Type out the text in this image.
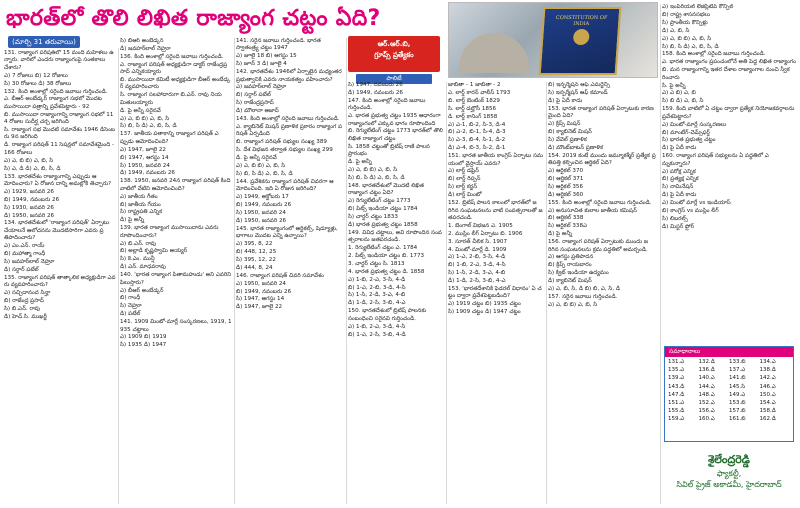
భారత్‌లో తొలి లిఖిత రాజ్యాంగ చట్టం ఏది?
(మార్చి 31 తరువాయి)
CONSTITUTION OF INDIA
ఆర్.ఆర్.బి,
గ్రూప్స్ ప్రత్యేకం
పాలిటీ

131. రాజ్యాంగ పరిషత్‌లో 15 మంది మహిళలు ఉన్నారు. వారిలో ఎందరు రాజ్యాంగంపై సంతకాలు చేశారు?

ఎ) 7 రోజులు బి) 12 రోజులు

సి) 30 రోజులు డి) 38 రోజులు

132. కింది అంశాల్లో సరైంది జవాబు గుర్తించండి.

ఎ. బీఆర్ అంబేడ్కర్ రాజ్యాంగ సభలో మొదట ముసాయిదా పత్రాన్ని ప్రవేశపెట్టారు - 92

బి. ముసాయిదా రాజ్యాంగాన్ని రాజ్యాంగ సభలో 114 రోజుల సుదీర్ఘ చర్చ జరిగింది

సి. రాజ్యాంగ సభ మొదటి సమావేశం 1946 డిసెంబరు 9న జరిగింది

డి. రాజ్యాంగ పరిషత్ 11 సెషన్లలో సమావేశమైంది - 166 రోజులు

ఎ) ఎ, బి బి) ఎ, బి, సి

సి) ఎ, డి డి) ఎ, బి, సి, డి

133. భారతదేశం రాజ్యాంగాన్ని ఎప్పుడు ఆమోదించారు? ఏ రోజున దాన్ని అమల్లోకి తెచ్చారు?

ఎ) 1929, జనవరి 26

బి) 1949, నవంబరు 26

సి) 1930, జనవరి 26

డి) 1950, జనవరి 26

134. భారతదేశంలో 'రాజ్యాంగ పరిషత్' ఏర్పాటు చేయాలనే ఆలోచనను మొదటిసారిగా ఎవరు ప్రతిపాదించారు?

ఎ) ఎం.ఎన్. రాయ్

బి) మహాత్మా గాంధీ

సి) జవహర్‌లాల్ నెహ్రూ

డి) సర్దార్ పటేల్

135. రాజ్యాంగ పరిషత్ తాత్కాలిక అధ్యక్షుడిగా ఎవరు వ్యవహరించారు?

ఎ) సచ్చిదానంద సిన్హా

బి) రాజేంద్ర ప్రసాద్

సి) బి.ఎన్. రావు

డి) హెచ్.సి. ముఖర్జీ

సి) బీఆర్ అంబేడ్కర్

డి) జవహర్‌లాల్ నెహ్రూ

136. కింది అంశాల్లో సరైంది జవాబు గుర్తించండి.

ఎ. రాజ్యాంగ పరిషత్ అధ్యక్షుడిగా డాక్టర్ రాజేంద్రప్రసాద్ ఎన్నికయ్యారు

బి. ముసాయిదా కమిటీ అధ్యక్షుడిగా బీఆర్ అంబేడ్కర్ వ్యవహరించారు

సి. రాజ్యాంగ సలహాదారుగా బి.ఎన్. రావు నియమితులయ్యారు

డి. పై అన్నీ సరైనవే

ఎ) ఎ, బి బి) ఎ, బి, సి

సి) బి, సి డి) ఎ, బి, సి, డి

137. జాతీయ పతాకాన్ని రాజ్యాంగ పరిషత్ ఎప్పుడు ఆమోదించింది?

ఎ) 1947, జూలై 22

బి) 1947, ఆగస్టు 14

సి) 1950, జనవరి 24

డి) 1949, నవంబరు 26

138. 1950, జనవరి 24న రాజ్యాంగ పరిషత్ కింది వాటిలో వేటిని ఆమోదించింది?

ఎ) జాతీయ గీతం

బి) జాతీయ గేయం

సి) రాష్ట్రపతి ఎన్నిక

డి) పై అన్నీ

139. భారత రాజ్యాంగ ముసాయిదాను ఎవరు రూపొందించారు?

ఎ) బి.ఎన్. రావు

బి) అల్లాడి కృష్ణస్వామి అయ్యర్

సి) కె.ఎం. మున్షీ

డి) ఎన్. మాధవరావు

140. 'భారత రాజ్యాంగ పితామహుడు' అని ఎవరిని పిలుస్తారు?

ఎ) బీఆర్ అంబేడ్కర్

బి) గాంధీ

సి) నెహ్రూ

డి) పటేల్

141. 1909 మింటో-మార్లే సంస్కరణలు, 1919, 1935 చట్టాలు

ఎ) 1909 బి) 1919

సి) 1935 డి) 1947

141. సరైన జవాబు గుర్తించండి. భారత స్వాతంత్ర్య చట్టం 1947

ఎ) జూలై 18 బి) ఆగస్టు 15

సి) జూన్ 3 డి) జూలై 4

142. భారతదేశం 1946లో ఏర్పాటైన మధ్యంతర ప్రభుత్వానికి ఎవరు నాయకత్వం వహించారు?

ఎ) జవహర్‌లాల్ నెహ్రూ

బి) సర్దార్ పటేల్

సి) రాజేంద్రప్రసాద్

డి) మౌలానా ఆజాద్

143. కింది అంశాల్లో సరైంది జవాబు గుర్తించండి.

ఎ. క్యాబినెట్ మిషన్ ప్రణాళిక ప్రకారం రాజ్యాంగ పరిషత్ ఏర్పడింది

బి. రాజ్యాంగ పరిషత్ సభ్యుల సంఖ్య 389

సి. దేశ విభజన తర్వాత సభ్యుల సంఖ్య 299

డి. పై అన్నీ సరైనవే

ఎ) ఎ, బి బి) ఎ, బి, సి

సి) బి, సి డి) ఎ, బి, సి, డి

144. ప్రవేశికను రాజ్యాంగ పరిషత్ చివరగా ఆమోదించింది. ఇది ఏ రోజున జరిగింది?

ఎ) 1949, అక్టోబరు 17

బి) 1949, నవంబరు 26

సి) 1950, జనవరి 24

డి) 1950, జనవరి 26

145. భారత రాజ్యాంగంలో ఆర్టికల్స్, షెడ్యూళ్లు, భాగాలు మొదట ఎన్ని ఉన్నాయి?

ఎ) 395, 8, 22

బి) 448, 12, 25

సి) 395, 12, 22

డి) 444, 8, 24

146. రాజ్యాంగ పరిషత్ చివరి సమావేశం

ఎ) 1950, జనవరి 24

బి) 1949, నవంబరు 26

సి) 1947, ఆగస్టు 14

డి) 1947, జూలై 22

సి) 1947, నవంబరు 26

డి) 1949, నవంబరు 26

147. కింది అంశాల్లో సరైంది జవాబు గుర్తించండి.

ఎ. భారత ప్రభుత్వ చట్టం 1935 ఆధారంగా రాజ్యాంగంలో ఎక్కువ భాగం రూపొందింది

బి. రెగ్యులేటింగ్ చట్టం 1773 భారత్‌లో తొలి లిఖిత రాజ్యాంగ చట్టం

సి. 1858 చట్టంతో బ్రిటిష్ రాణి పాలన ప్రారంభం

డి. పై అన్నీ

ఎ) ఎ, బి బి) ఎ, బి, సి

సి) బి, సి డి) ఎ, బి, సి, డి

148. భారతదేశంలో మొదటి లిఖిత రాజ్యాంగ చట్టం ఏది?

ఎ) రెగ్యులేటింగ్ చట్టం 1773

బి) పిట్స్ ఇండియా చట్టం 1784

సి) చార్టర్ చట్టం 1833

డి) భారత ప్రభుత్వ చట్టం 1858

149. వివిధ చట్టాలు, అవి రూపొందిన సంవత్సరాలను జతపరచండి.

1. రెగ్యులేటింగ్ చట్టం ఎ. 1784

2. పిట్స్ ఇండియా చట్టం బి. 1773

3. చార్టర్ చట్టం సి. 1813

4. భారత ప్రభుత్వ చట్టం డి. 1858

ఎ) 1-బి, 2-ఎ, 3-సి, 4-డి

బి) 1-ఎ, 2-బి, 3-డి, 4-సి

సి) 1-సి, 2-డి, 3-ఎ, 4-బి

డి) 1-డి, 2-సి, 3-బి, 4-ఎ

150. భారతదేశంలో బ్రిటిష్ పాలనకు సంబంధించి సరైనవి గుర్తించండి.

ఎ) 1-బి, 2-ఎ, 3-డి, 4-సి

బి) 1-ఎ, 2-సి, 3-బి, 4-డి

జాబితా - 1 జాబితా - 2

ఎ. లార్డ్ కారన్ వాలీస్ 1793

బి. లార్డ్ బెంటింక్ 1829

సి. లార్డ్ డల్హౌసీ 1856

డి. లార్డ్ కానింగ్ 1858

ఎ) ఎ-1, బి-2, సి-3, డి-4

బి) ఎ-2, బి-1, సి-4, డి-3

సి) ఎ-3, బి-4, సి-1, డి-2

డి) ఎ-4, బి-3, సి-2, డి-1

151. భారత జాతీయ కాంగ్రెస్ ఏర్పాటు సమయంలో వైస్రాయ్ ఎవరు?

ఎ) లార్డ్ డఫ్రిన్

బి) లార్డ్ రిప్పన్

సి) లార్డ్ కర్జన్

డి) లార్డ్ మింటో

152. బ్రిటిష్ పాలన కాలంలో భారత్‌లో జరిగిన సంఘటనలను వాటి సంవత్సరాలతో జతపరచండి.

1. బెంగాల్ విభజన ఎ. 1905

2. ముస్లిం లీగ్ ఏర్పాటు బి. 1906

3. సూరత్ చీలిక సి. 1907

4. మింటో-మార్లే డి. 1909

ఎ) 1-ఎ, 2-బి, 3-సి, 4-డి

బి) 1-బి, 2-ఎ, 3-డి, 4-సి

సి) 1-సి, 2-డి, 3-ఎ, 4-బి

డి) 1-డి, 2-సి, 3-బి, 4-ఎ

153. 'భారతదేశానికి ఫెడరల్ విధానం' ఏ చట్టం ద్వారా ప్రవేశపెట్టబడింది?

ఎ) 1919 చట్టం బి) 1935 చట్టం

సి) 1909 చట్టం డి) 1947 చట్టం

బి) ఇన్ఫర్మేషన్ ఆఫ్ ఎమర్జెన్సీ

సి) ఇన్ఫర్మేషన్ ఆఫ్ కమాండ్

డి) పై ఏదీ కాదు

153. భారత రాజ్యాంగ పరిషత్ ఏర్పాటుకు కారణమైంది ఏది?

ఎ) క్రిప్స్ మిషన్

బి) క్యాబినెట్ మిషన్

సి) వేవెల్ ప్రణాళిక

డి) మౌంట్‌బాటన్ ప్రణాళిక

154. 2019 కంటే ముందు జమ్మూకశ్మీర్ ప్రత్యేక ప్రతిపత్తి కల్పించిన ఆర్టికల్ ఏది?

ఎ) ఆర్టికల్ 370

బి) ఆర్టికల్ 371

సి) ఆర్టికల్ 356

డి) ఆర్టికల్ 360

155. కింది అంశాల్లో సరైంది జవాబు గుర్తించండి.

ఎ) అనుసూచిత కులాల జాతీయ కమిషన్

బి) ఆర్టికల్ 338

సి) ఆర్టికల్ 338ఎ

డి) పై అన్నీ

156. రాజ్యాంగ పరిషత్ ఏర్పాటుకు ముందు జరిగిన సంఘటనలను క్రమ పద్ధతిలో అమర్చండి.

ఎ) ఆగస్టు ప్రతిపాదన

బి) క్రిప్స్ రాయబారం

సి) క్విట్ ఇండియా ఉద్యమం

డి) క్యాబినెట్ మిషన్

ఎ) ఎ, బి, సి, డి బి) బి, ఎ, సి, డి

157. సరైన జవాబు గుర్తించండి.

ఎ) ఎ, బి బి) ఎ, బి, సి

ఎ) ఇంపీరియల్ లెజిస్లేటివ్ కౌన్సిల్

బి) రాష్ట్ర శాసనసభలు

సి) ప్రాంతీయ కౌన్సిళ్లు

డి) ఎ, బి, సి

ఎ) ఎ, బి బి) ఎ, బి, సి

సి) బి, సి డి) ఎ, బి, సి, డి

158. కింది అంశాల్లో సరైంది జవాబు గుర్తించండి.

ఎ. భారత రాజ్యాంగం ప్రపంచంలోనే అతి పెద్ద లిఖిత రాజ్యాంగం

బి. మన రాజ్యాంగాన్ని ఇతర దేశాల రాజ్యాంగాల నుంచి స్వీకరించారు

సి. పై అన్నీ

ఎ) ఎ బి) ఎ, బి

సి) బి డి) ఎ, బి, సి

159. కింది వాటిలో ఏ చట్టం ద్వారా ప్రత్యేక నియోజకవర్గాలను ప్రవేశపెట్టారు?

ఎ) మింటో-మార్లే సంస్కరణలు

బి) మాంటేగ్-చెమ్స్‌ఫర్డ్

సి) భారత ప్రభుత్వ చట్టం

డి) పై ఏదీ కాదు

160. రాజ్యాంగ పరిషత్ సభ్యులను ఏ పద్ధతిలో ఎన్నుకున్నారు?

ఎ) పరోక్ష ఎన్నిక

బి) ప్రత్యక్ష ఎన్నిక

సి) నామినేషన్

డి) పై ఏదీ కాదు

ఎ) మింటో మార్లే vs ఇండియాస్

బి) కాంగ్రెస్ vs ముస్లిం లీగ్

సి) లిబరల్స్

డి) మిస్టర్ ఫ్లోర్

సమాధానాలు
131.ఎ	132.డి	133.బి	134.ఎ
135.ఎ	136.డి	137.ఎ	138.డి
139.ఎ	140.ఎ	141.బి	142.ఎ
143.డి	144.ఎ	145.సి	146.ఎ
147.డి	148.ఎ	149.ఎ	150.ఎ
151.ఎ	152.ఎ	153.బి	154.ఎ
155.డి	156.ఎ	157.బి	158.డి
159.ఎ	160.ఎ	161.బి	162.డి
శైలేంద్రరెడ్డి
ఫ్యాకల్టీ,
సివిల్ ప్రైజ్ అకాడమీ, హైదరాబాద్
